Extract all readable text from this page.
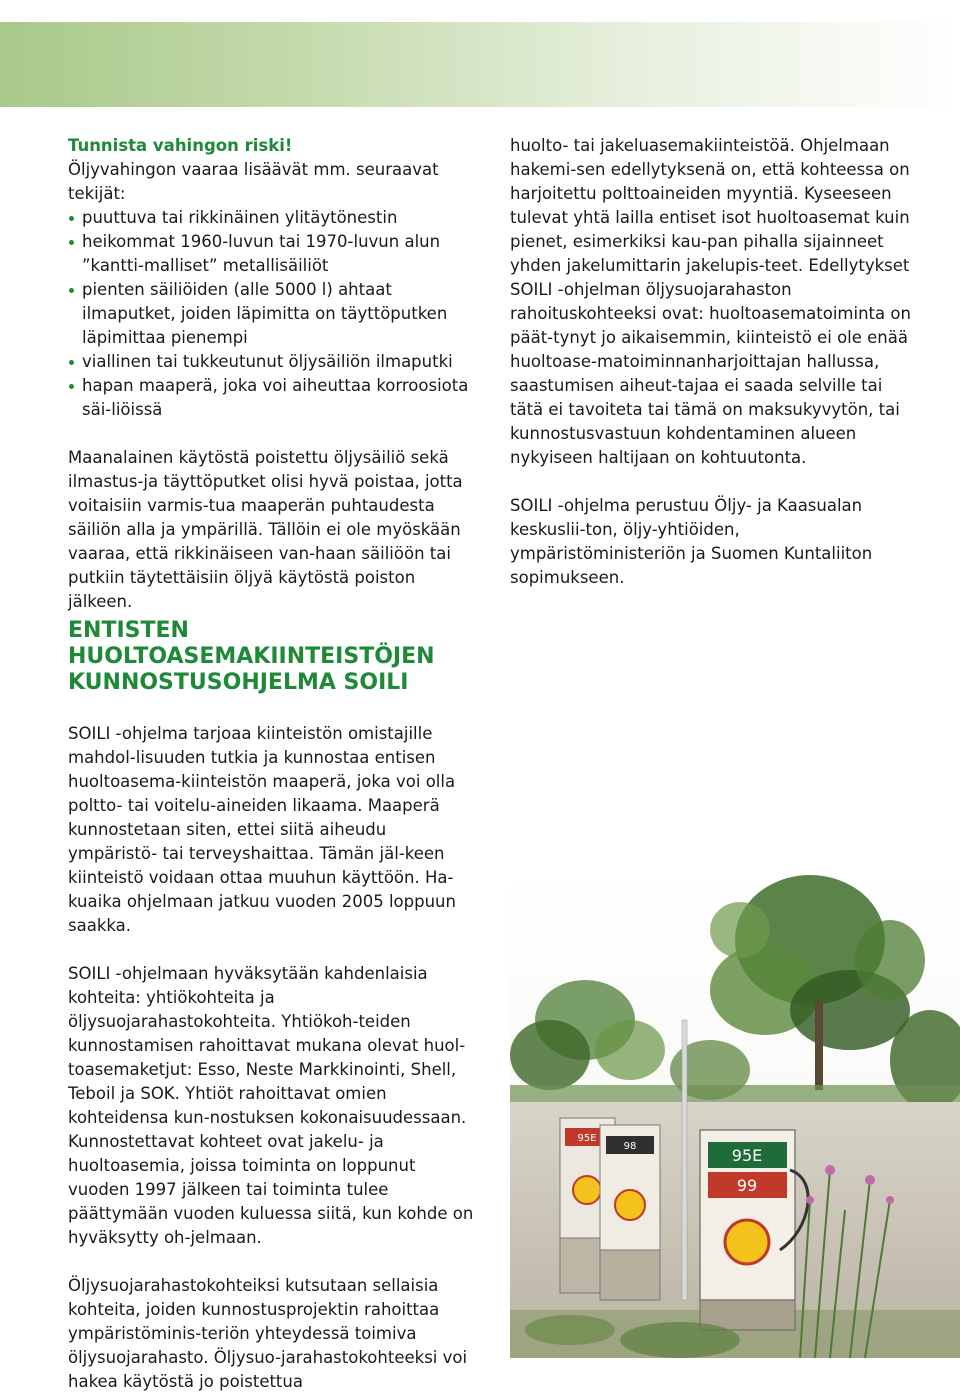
Tunnista vahingon riski!

Öljyvahingon vaaraa lisäävät mm. seuraavat tekijät:

puuttuva tai rikkinäinen ylitäytönestin
heikommat 1960-luvun tai 1970-luvun alun ”kantti-malliset” metallisäiliöt
pienten säiliöiden (alle 5000 l) ahtaat ilmaputket, joiden läpimitta on täyttöputken läpimittaa pienempi
viallinen tai tukkeutunut öljysäiliön ilmaputki
hapan maaperä, joka voi aiheuttaa korroosiota säi-liöissä

Maanalainen käytöstä poistettu öljysäiliö sekä ilmastus-ja täyttöputket olisi hyvä poistaa, jotta voitaisiin varmis-tua maaperän puhtaudesta säiliön alla ja ympärillä. Tällöin ei ole myöskään vaaraa, että rikkinäiseen van-haan säiliöön tai putkiin täytettäisiin öljyä käytöstä poiston jälkeen.

huolto- tai jakeluasemakiinteistöä. Ohjelmaan hakemi-sen edellytyksenä on, että kohteessa on harjoitettu polttoaineiden myyntiä. Kyseeseen tulevat yhtä lailla entiset isot huoltoasemat kuin pienet, esimerkiksi kau-pan pihalla sijainneet yhden jakelumittarin jakelupis-teet. Edellytykset SOILI -ohjelman öljysuojarahaston rahoituskohteeksi ovat: huoltoasematoiminta on päät-tynyt jo aikaisemmin, kiinteistö ei ole enää huoltoase-matoiminnanharjoittajan hallussa, saastumisen aiheut-tajaa ei saada selville tai tätä ei tavoiteta tai tämä on maksukyvytön, tai kunnostusvastuun kohdentaminen alueen nykyiseen haltijaan on kohtuutonta.

SOILI -ohjelma perustuu Öljy- ja Kaasualan keskuslii-ton, öljy-yhtiöiden, ympäristöministeriön ja Suomen Kuntaliiton sopimukseen.

ENTISTEN
HUOLTOASEMAKIINTEISTÖJEN
KUNNOSTUSOHJELMA SOILI

SOILI -ohjelma tarjoaa kiinteistön omistajille mahdol-lisuuden tutkia ja kunnostaa entisen huoltoasema-kiinteistön maaperä, joka voi olla poltto- tai voitelu-aineiden likaama. Maaperä kunnostetaan siten, ettei siitä aiheudu ympäristö- tai terveyshaittaa. Tämän jäl-keen kiinteistö voidaan ottaa muuhun käyttöön. Ha-kuaika ohjelmaan jatkuu vuoden 2005 loppuun saakka.

SOILI -ohjelmaan hyväksytään kahdenlaisia kohteita: yhtiökohteita ja öljysuojarahastokohteita. Yhtiökoh-teiden kunnostamisen rahoittavat mukana olevat huol-toasemaketjut: Esso, Neste Markkinointi, Shell, Teboil ja SOK. Yhtiöt rahoittavat omien kohteidensa kun-nostuksen kokonaisuudessaan. Kunnostettavat kohteet ovat jakelu- ja huoltoasemia, joissa toiminta on loppunut vuoden 1997 jälkeen tai toiminta tulee päättymään vuoden kuluessa siitä, kun kohde on hyväksytty oh-jelmaan.

Öljysuojarahastokohteiksi kutsutaan sellaisia kohteita, joiden kunnostusprojektin rahoittaa ympäristöminis-teriön yhteydessä toimiva öljysuojarahasto. Öljysuo-jarahastokohteeksi voi hakea käytöstä jo poistettua

95E
98	95E
99
